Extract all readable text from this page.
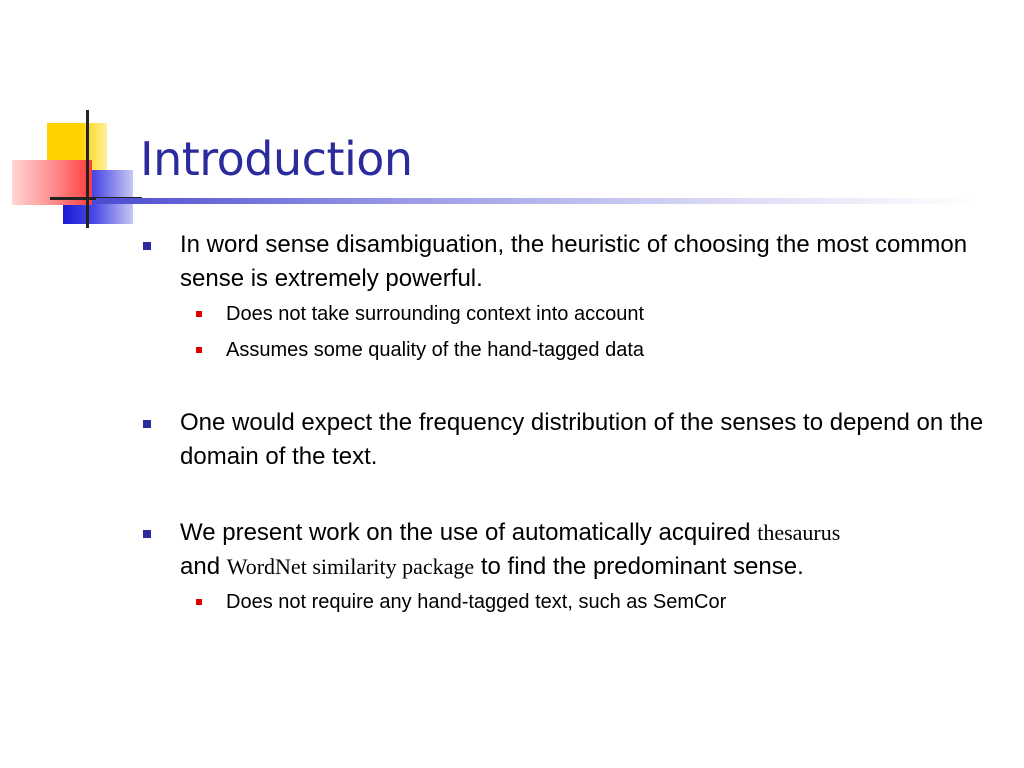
Introduction
In word sense disambiguation, the heuristic of choosing the most common sense is extremely powerful.
Does not take surrounding context into account
Assumes some quality of the hand-tagged data
One would expect the frequency distribution of the senses to depend on the domain of the text.
We present work on the use of automatically acquired thesaurus
and WordNet similarity package to find the predominant sense.
Does not require any hand-tagged text, such as SemCor
